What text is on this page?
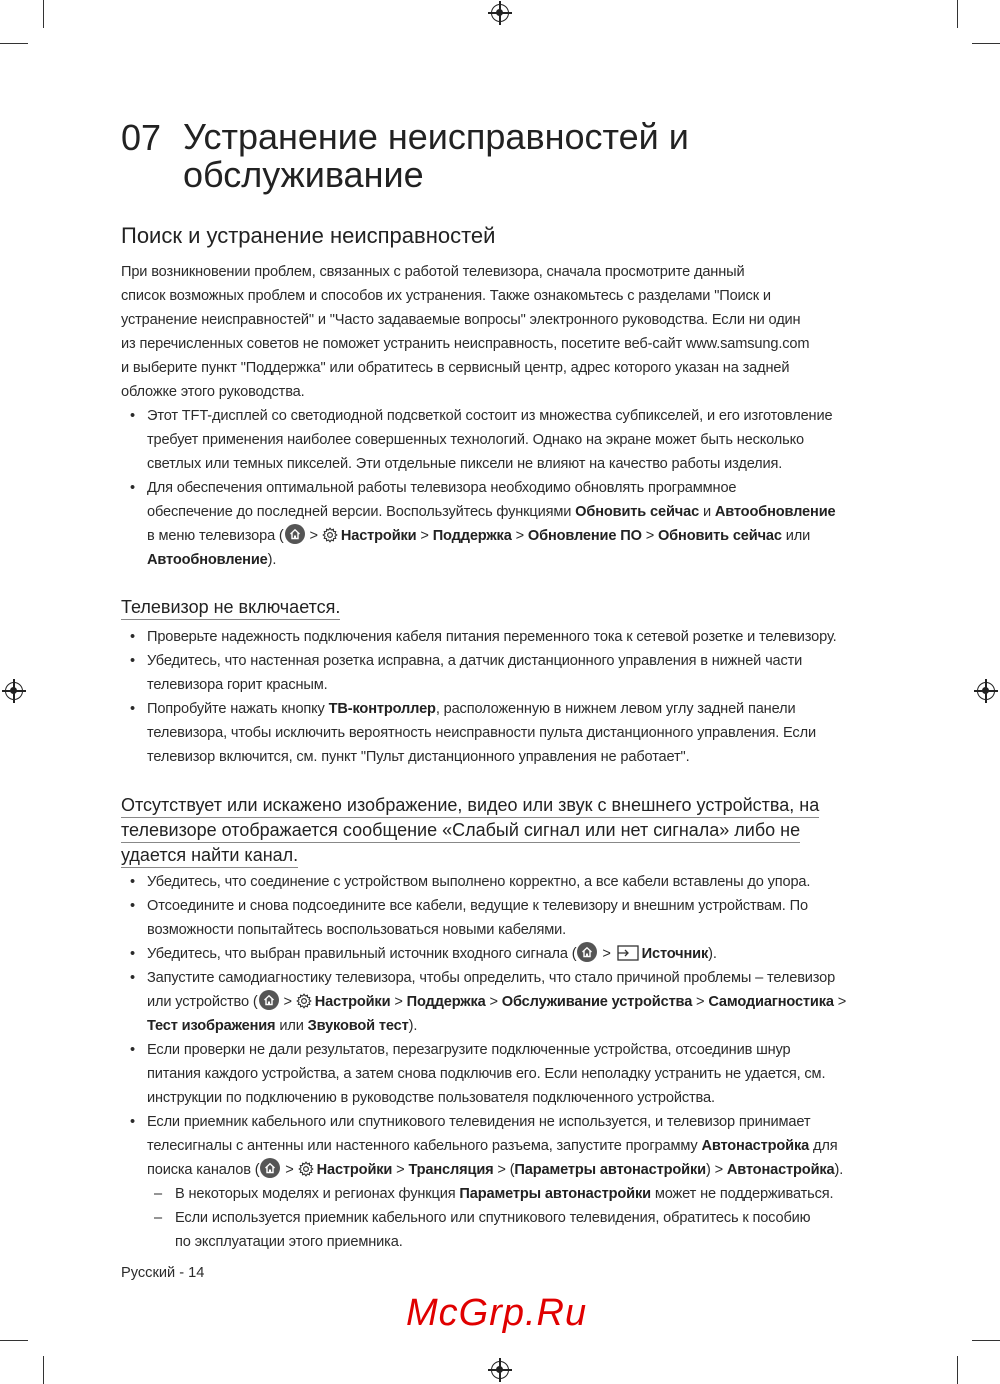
07 Устранение неисправностей и
обслуживание
Поиск и устранение неисправностей
При возникновении проблем, связанных с работой телевизора, сначала просмотрите данный
список возможных проблем и способов их устранения. Также ознакомьтесь с разделами "Поиск и
устранение неисправностей" и "Часто задаваемые вопросы" электронного руководства. Если ни один
из перечисленных советов не поможет устранить неисправность, посетите веб-сайт www.samsung.com
и выберите пункт "Поддержка" или обратитесь в сервисный центр, адрес которого указан на задней
обложке этого руководства.
• Этот TFT-дисплей со светодиодной подсветкой состоит из множества субпикселей, и его изготовление
требует применения наиболее совершенных технологий. Однако на экране может быть несколько
светлых или темных пикселей. Эти отдельные пиксели не влияют на качество работы изделия.
• Для обеспечения оптимальной работы телевизора необходимо обновлять программное
обеспечение до последней версии. Воспользуйтесь функциями Обновить сейчас и Автообновление
в меню телевизора (
> Настройки > Поддержка > Обновление ПО > Обновить сейчас или
Автообновление).
Телевизор не включается.
• Проверьте надежность подключения кабеля питания переменного тока к сетевой розетке и телевизору.
• Убедитесь, что настенная розетка исправна, а датчик дистанционного управления в нижней части
телевизора горит красным.
• Попробуйте нажать кнопку ТВ-контроллер, расположенную в нижнем левом углу задней панели
телевизора, чтобы исключить вероятность неисправности пульта дистанционного управления. Если
телевизор включится, см. пункт "Пульт дистанционного управления не работает".
Отсутствует или искажено изображение, видео или звук с внешнего устройства, на
телевизоре отображается сообщение «Слабый сигнал или нет сигнала» либо не
удается найти канал.
• Убедитесь, что соединение с устройством выполнено корректно, а все кабели вставлены до упора.
• Отсоедините и снова подсоедините все кабели, ведущие к телевизору и внешним устройствам. По
возможности попытайтесь воспользоваться новыми кабелями.
• Убедитесь, что выбран правильный источник входного сигнала (
> Источник).
• Запустите самодиагностику телевизора, чтобы определить, что стало причиной проблемы – телевизор
или устройство (
> Настройки > Поддержка > Обслуживание устройства > Самодиагностика >
Тест изображения или Звуковой тест).
• Если проверки не дали результатов, перезагрузите подключенные устройства, отсоединив шнур
питания каждого устройства, а затем снова подключив его. Если неполадку устранить не удается, см.
инструкции по подключению в руководстве пользователя подключенного устройства.
• Если приемник кабельного или спутникового телевидения не используется, и телевизор принимает
телесигналы с антенны или настенного кабельного разъема, запустите программу Автонастройка для
поиска каналов (
> Настройки > Трансляция > (Параметры автонастройки) > Автонастройка).
– В некоторых моделях и регионах функция Параметры автонастройки может не поддерживаться.
– Если используется приемник кабельного или спутникового телевидения, обратитесь к пособию
по эксплуатации этого приемника.
Русский - 14
McGrp.Ru
